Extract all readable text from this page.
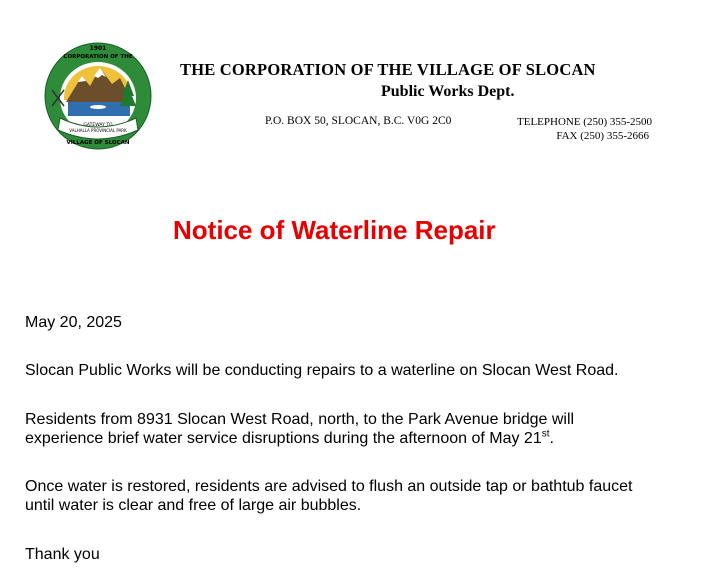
1901
CORPORATION OF THE
GATEWAY TO
VALHALLA PROVINCIAL PARK
VILLAGE OF SLOCAN
THE CORPORATION OF THE VILLAGE OF SLOCAN
Public Works Dept.
P.O. BOX 50, SLOCAN, B.C. V0G 2C0	TELEPHONE (250) 355-2500
FAX (250) 355-2666
Notice of Waterline Repair
May 20, 2025
Slocan Public Works will be conducting repairs to a waterline on Slocan West Road.
Residents from 8931 Slocan West Road, north, to the Park Avenue bridge will
experience brief water service disruptions during the afternoon of May 21st.
Once water is restored, residents are advised to flush an outside tap or bathtub faucet
until water is clear and free of large air bubbles.
Thank you
